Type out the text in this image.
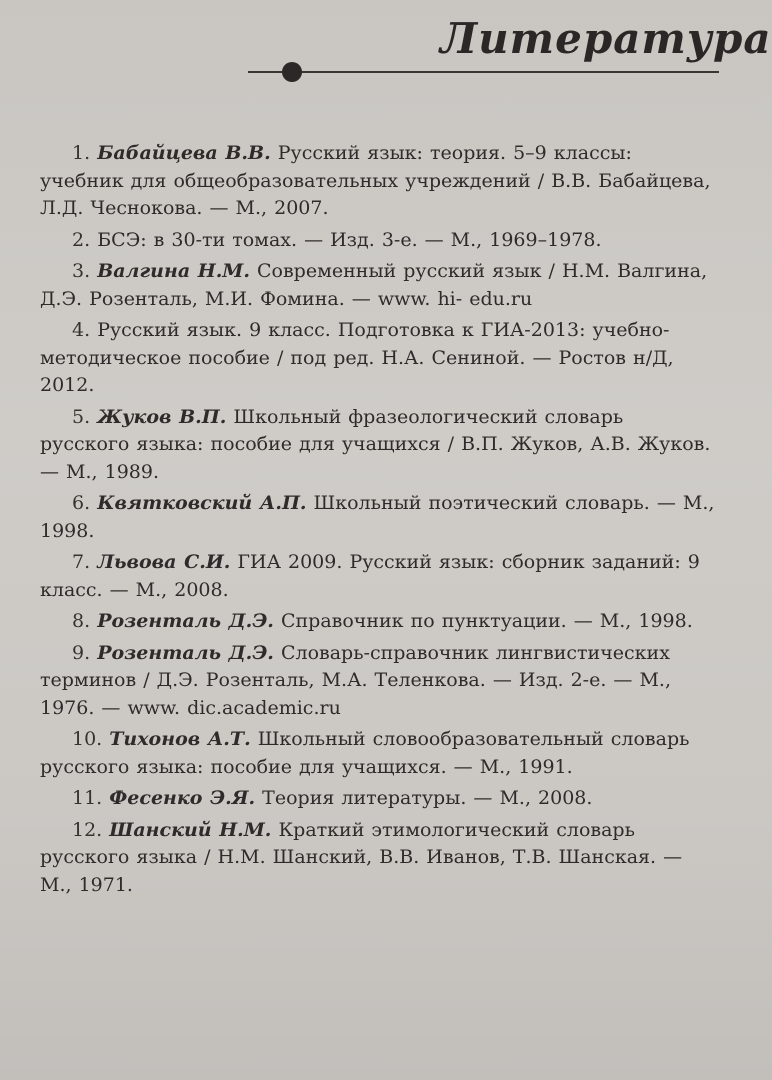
Литература
1. Бабайцева В.В. Русский язык: теория. 5–9 классы: учебник для общеобразовательных учреждений / В.В. Бабайцева, Л.Д. Чеснокова. — М., 2007.
2. БСЭ: в 30-ти томах. — Изд. 3-е. — М., 1969–1978.
3. Валгина Н.М. Современный русский язык / Н.М. Валгина, Д.Э. Розенталь, М.И. Фомина. — www. hi- edu.ru
4. Русский язык. 9 класс. Подготовка к ГИА-2013: учебно-методическое пособие / под ред. Н.А. Сениной. — Ростов н/Д, 2012.
5. Жуков В.П. Школьный фразеологический словарь русского языка: пособие для учащихся / В.П. Жуков, А.В. Жуков. — М., 1989.
6. Квятковский А.П. Школьный поэтический словарь. — М., 1998.
7. Львова С.И. ГИА 2009. Русский язык: сборник заданий: 9 класс. — М., 2008.
8. Розенталь Д.Э. Справочник по пунктуации. — М., 1998.
9. Розенталь Д.Э. Словарь-справочник лингвистических терминов / Д.Э. Розенталь, М.А. Теленкова. — Изд. 2-е. — М., 1976. — www. dic.academic.ru
10. Тихонов А.Т. Школьный словообразовательный словарь русского языка: пособие для учащихся. — М., 1991.
11. Фесенко Э.Я. Теория литературы. — М., 2008.
12. Шанский Н.М. Краткий этимологический словарь русского языка / Н.М. Шанский, В.В. Иванов, Т.В. Шанская. — М., 1971.
